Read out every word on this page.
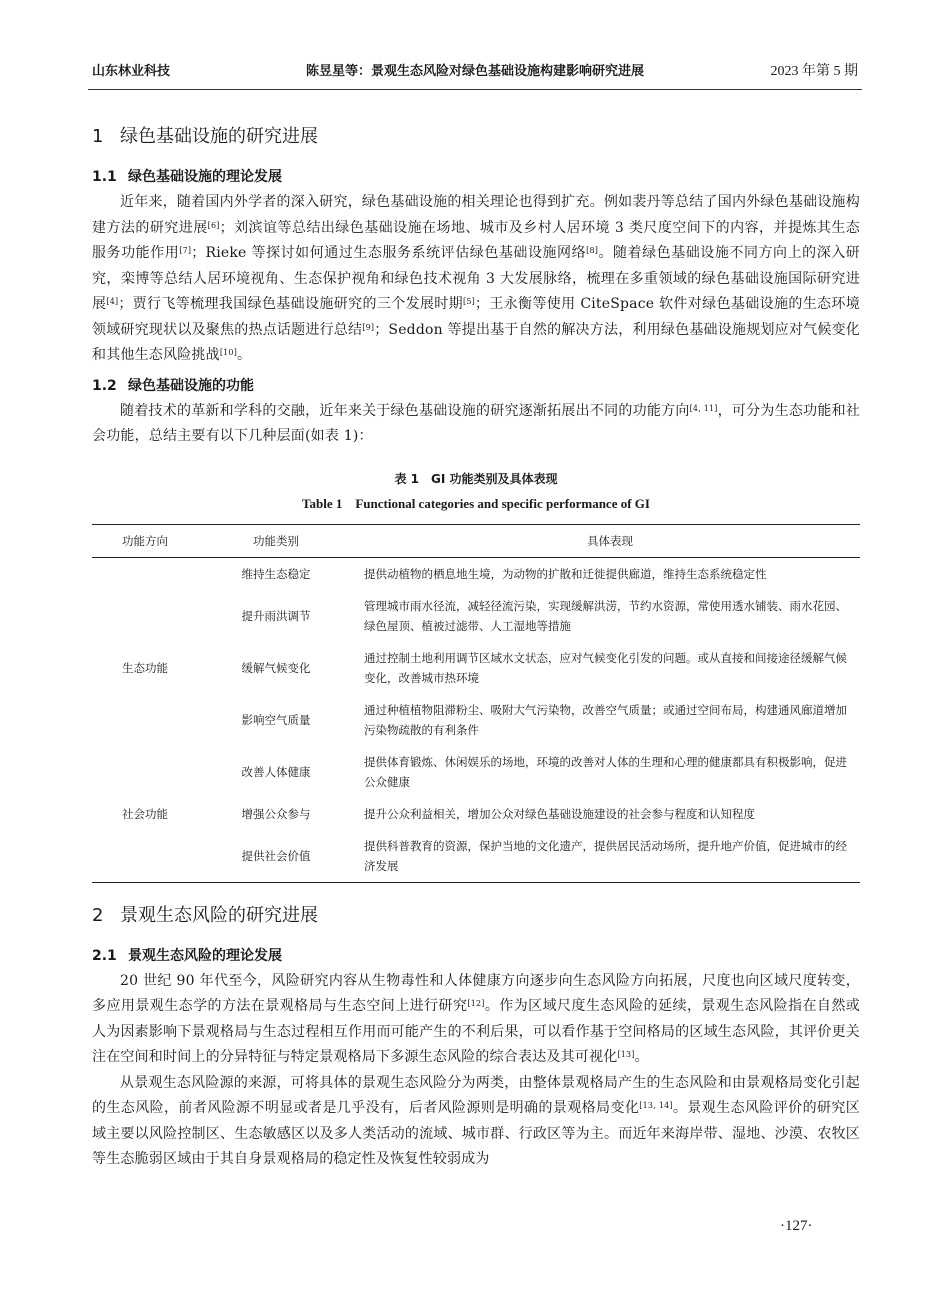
山东林业科技	陈昱星等：景观生态风险对绿色基础设施构建影响研究进展	2023 年第 5 期
1 绿色基础设施的研究进展
1.1 绿色基础设施的理论发展

近年来，随着国内外学者的深入研究，绿色基础设施的相关理论也得到扩充。例如裴丹等总结了国内外绿色基础设施构建方法的研究进展[6]；刘滨谊等总结出绿色基础设施在场地、城市及乡村人居环境 3 类尺度空间下的内容，并提炼其生态服务功能作用[7]；Rieke 等探讨如何通过生态服务系统评估绿色基础设施网络[8]。随着绿色基础设施不同方向上的深入研究，栾博等总结人居环境视角、生态保护视角和绿色技术视角 3 大发展脉络，梳理在多重领域的绿色基础设施国际研究进展[4]；贾行飞等梳理我国绿色基础设施研究的三个发展时期[5]；王永衡等使用 CiteSpace 软件对绿色基础设施的生态环境领域研究现状以及聚焦的热点话题进行总结[9]；Seddon 等提出基于自然的解决方法，利用绿色基础设施规划应对气候变化和其他生态风险挑战[10]。

1.2 绿色基础设施的功能

随着技术的革新和学科的交融，近年来关于绿色基础设施的研究逐渐拓展出不同的功能方向[4, 11]，可分为生态功能和社会功能，总结主要有以下几种层面(如表 1)：

表 1　GI 功能类别及具体表现
Table 1　Functional categories and specific performance of GI
功能方向	功能类别	具体表现
	维持生态稳定	提供动植物的栖息地生境，为动物的扩散和迁徙提供廊道，维持生态系统稳定性
	提升雨洪调节	管理城市雨水径流，减轻径流污染，实现缓解洪涝，节约水资源，常使用透水铺装、雨水花园、绿色屋顶、植被过滤带、人工湿地等措施
生态功能	缓解气候变化	通过控制土地利用调节区域水文状态，应对气候变化引发的问题。或从直接和间接途径缓解气候变化，改善城市热环境
	影响空气质量	通过种植植物阻滞粉尘、吸附大气污染物，改善空气质量；或通过空间布局，构建通风廊道增加污染物疏散的有利条件
	改善人体健康	提供体育锻炼、休闲娱乐的场地，环境的改善对人体的生理和心理的健康都具有积极影响，促进公众健康
社会功能	增强公众参与	提升公众利益相关，增加公众对绿色基础设施建设的社会参与程度和认知程度
	提供社会价值	提供科普教育的资源，保护当地的文化遗产，提供居民活动场所，提升地产价值，促进城市的经济发展
2 景观生态风险的研究进展
2.1 景观生态风险的理论发展

20 世纪 90 年代至今，风险研究内容从生物毒性和人体健康方向逐步向生态风险方向拓展，尺度也向区域尺度转变，多应用景观生态学的方法在景观格局与生态空间上进行研究[12]。作为区域尺度生态风险的延续，景观生态风险指在自然或人为因素影响下景观格局与生态过程相互作用而可能产生的不利后果，可以看作基于空间格局的区域生态风险，其评价更关注在空间和时间上的分异特征与特定景观格局下多源生态风险的综合表达及其可视化[13]。

从景观生态风险源的来源，可将具体的景观生态风险分为两类，由整体景观格局产生的生态风险和由景观格局变化引起的生态风险，前者风险源不明显或者是几乎没有，后者风险源则是明确的景观格局变化[13, 14]。景观生态风险评价的研究区域主要以风险控制区、生态敏感区以及多人类活动的流域、城市群、行政区等为主。而近年来海岸带、湿地、沙漠、农牧区等生态脆弱区域由于其自身景观格局的稳定性及恢复性较弱成为

·127·
